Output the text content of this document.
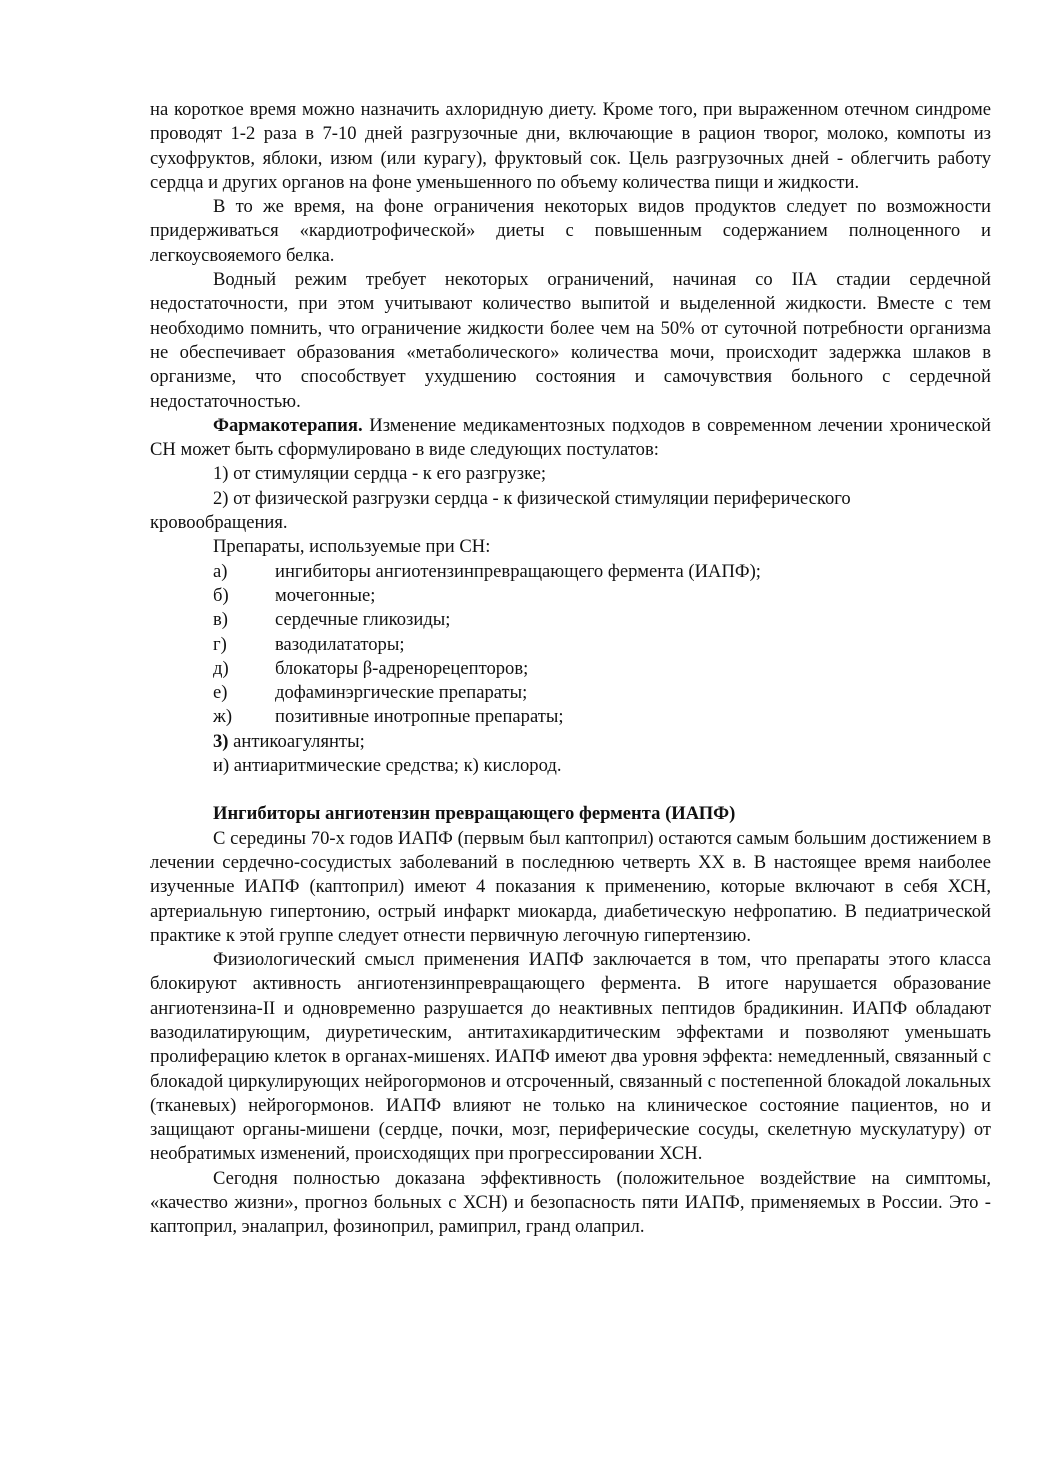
на короткое время можно назначить ахлоридную диету. Кроме того, при выраженном отечном синдроме проводят 1-2 раза в 7-10 дней разгрузочные дни, включающие в рацион творог, молоко, компоты из сухофруктов, яблоки, изюм (или курагу), фруктовый сок. Цель разгрузочных дней - облегчить работу сердца и других органов на фоне уменьшенного по объему количества пищи и жидкости.

В то же время, на фоне ограничения некоторых видов продуктов следует по возможности придерживаться «кардиотрофической» диеты с повышенным содержанием полноценного и легкоусвояемого белка.

Водный режим требует некоторых ограничений, начиная со IIА стадии сердечной недостаточности, при этом учитывают количество выпитой и выделенной жидкости. Вместе с тем необходимо помнить, что ограничение жидкости более чем на 50% от суточной потребности организма не обеспечивает образования «метаболического» количества мочи, происходит задержка шлаков в организме, что способствует ухудшению состояния и самочувствия больного с сердечной недостаточностью.

Фармакотерапия. Изменение медикаментозных подходов в современном лечении хронической СН может быть сформулировано в виде следующих постулатов:

1) от стимуляции сердца - к его разгрузке;

2) от физической разгрузки сердца - к физической стимуляции периферического кровообращения.

Препараты, используемые при СН:

а)	ингибиторы ангиотензинпревращающего фермента (ИАПФ);
б)	мочегонные;
в)	сердечные гликозиды;
г)	вазодилататоры;
д)	блокаторы β-адренорецепторов;
е)	дофаминэргические препараты;
ж)	позитивные инотропные препараты;

3) антикоагулянты;

и) антиаритмические средства; к) кислород.

Ингибиторы ангиотензин превращающего фермента (ИАПФ)

С середины 70-х годов ИАПФ (первым был каптоприл) остаются самым большим достижением в лечении сердечно-сосудистых заболеваний в последнюю четверть XX в. В настоящее время наиболее изученные ИАПФ (каптоприл) имеют 4 показания к применению, которые включают в себя ХСН, артериальную гипертонию, острый инфаркт миокарда, диабетическую нефропатию. В педиатрической практике к этой группе следует отнести первичную легочную гипертензию.

Физиологический смысл применения ИАПФ заключается в том, что препараты этого класса блокируют активность ангиотензинпревращающего фермента. В итоге нарушается образование ангиотензина-II и одновременно разрушается до неактивных пептидов брадикинин. ИАПФ обладают вазодилатирующим, диуретическим, антитахикардитическим эффектами и позволяют уменьшать пролиферацию клеток в органах-мишенях. ИАПФ имеют два уровня эффекта: немедленный, связанный с блокадой циркулирующих нейрогормонов и отсроченный, связанный с постепенной блокадой локальных (тканевых) нейрогормонов. ИАПФ влияют не только на клиническое состояние пациентов, но и защищают органы-мишени (сердце, почки, мозг, периферические сосуды, скелетную мускулатуру) от необратимых изменений, происходящих при прогрессировании ХСН.

Сегодня полностью доказана эффективность (положительное воздействие на симптомы, «качество жизни», прогноз больных с ХСН) и безопасность пяти ИАПФ, применяемых в России. Это - каптоприл, эналаприл, фозиноприл, рамиприл, гранд олаприл.
